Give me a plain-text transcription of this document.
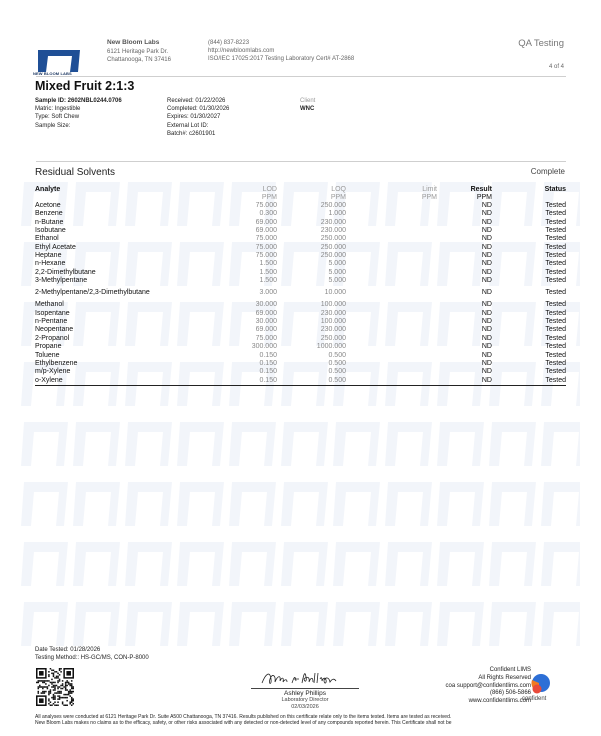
NEW BLOOM LABS
New Bloom Labs
6121 Heritage Park Dr.
Chattanooga, TN 37416
(844) 837-8223
http://newbloomlabs.com
ISO/IEC 17025:2017 Testing Laboratory Cert# AT-2868
QA Testing
4 of 4
Mixed Fruit 2:1:3
Sample ID: 2602NBL0244.0706
Matric: Ingestible
Type: Soft Chew
Sample Size:
Received: 01/22/2026
Completed: 01/30/2026
Expires: 01/30/2027
External Lot ID:
Batch#: c2601901
Client
WNC
Residual Solvents	Complete
Analyte	LOD	LOQ	Limit	Result	Status
	PPM	PPM	PPM	PPM	
Acetone	75.000	250.000		ND	Tested
Benzene	0.300	1.000		ND	Tested
n-Butane	69.000	230.000		ND	Tested
Isobutane	69.000	230.000		ND	Tested
Ethanol	75.000	250.000		ND	Tested
Ethyl Acetate	75.000	250.000		ND	Tested
Heptane	75.000	250.000		ND	Tested
n-Hexane	1.500	5.000		ND	Tested
2,2-Dimethylbutane	1.500	5.000		ND	Tested
3-Methylpentane	1.500	5.000		ND	Tested
2-Methylpentane/2,3-Dimethylbutane	3.000	10.000		ND	Tested
Methanol	30.000	100.000		ND	Tested
Isopentane	69.000	230.000		ND	Tested
n-Pentane	30.000	100.000		ND	Tested
Neopentane	69.000	230.000		ND	Tested
2-Propanol	75.000	250.000		ND	Tested
Propane	300.000	1000.000		ND	Tested
Toluene	0.150	0.500		ND	Tested
Ethylbenzene	0.150	0.500		ND	Tested
m/p-Xylene	0.150	0.500		ND	Tested
o-Xylene	0.150	0.500		ND	Tested
Date Tested: 01/28/2026
Testing Method:: HS-GC/MS, CON-P-8000
Ashley Phillips
Laboratory Director
02/03/2026
Confident LIMS
All Rights Reserved
coa support@confidentlims.com
(866) 506-5866
www.confidentlims.com
confident
All analyses were conducted at 6121 Heritage Park Dr. Suite A500 Chattanooga, TN 37416. Results published on this certificate relate only to the items tested. Items are tested as received.
New Bloom Labs makes no claims as to the efficacy, safety, or other risks associated with any detected or non-detected level of any compounds reported herein. This Certificate shall not be
